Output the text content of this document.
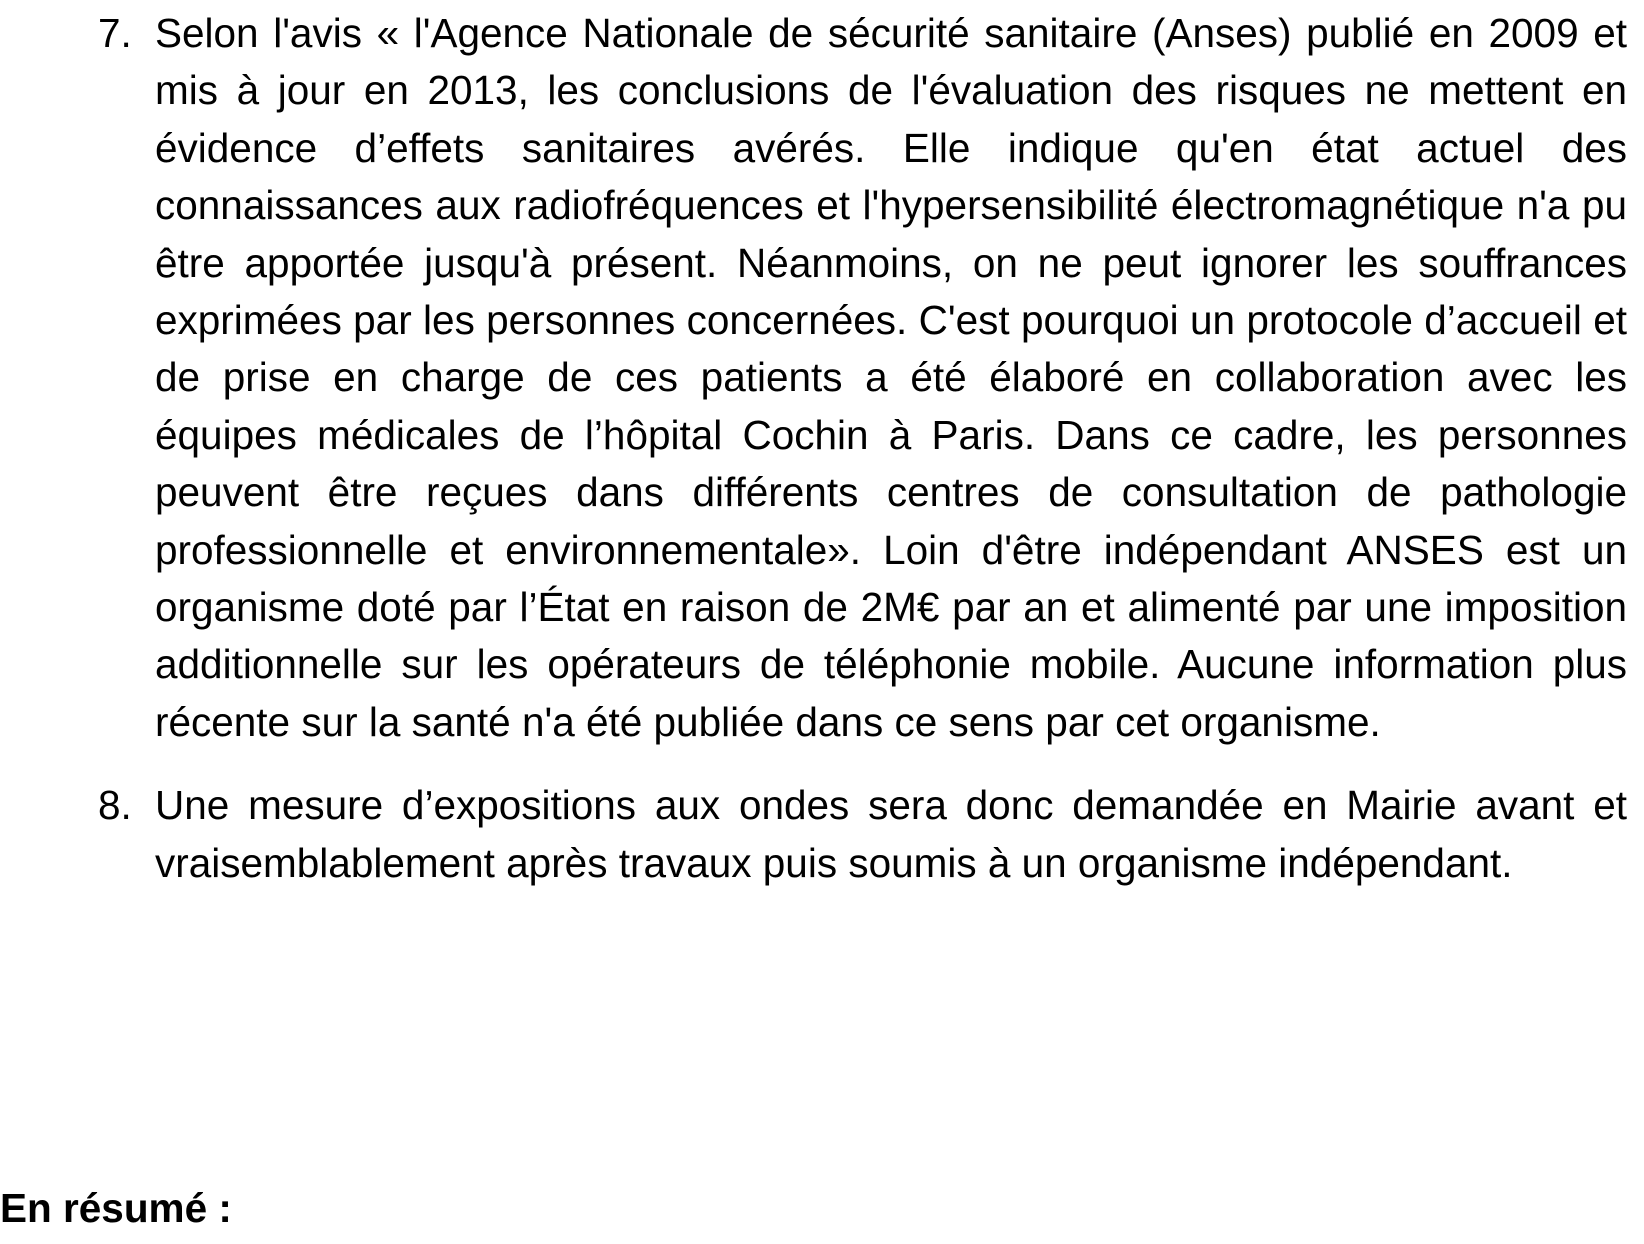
7. Selon l'avis « l'Agence Nationale de sécurité sanitaire (Anses) publié en 2009 et mis à jour en 2013, les conclusions de l'évaluation des risques ne mettent en évidence d’effets sanitaires avérés. Elle indique qu'en état actuel des connaissances aux radiofréquences et l'hypersensibilité électromagnétique n'a pu être apportée jusqu'à présent. Néanmoins, on ne peut ignorer les souffrances exprimées par les personnes concernées. C'est pourquoi un protocole d’accueil et de prise en charge de ces patients a été élaboré en collaboration avec les équipes médicales de l’hôpital Cochin à Paris. Dans ce cadre, les personnes peuvent être reçues dans différents centres de consultation de pathologie professionnelle et environnementale». Loin d'être indépendant ANSES est un organisme doté par l’État en raison de 2M€ par an et alimenté par une imposition additionnelle sur les opérateurs de téléphonie mobile. Aucune information plus récente sur la santé n'a été publiée dans ce sens par cet organisme.
8. Une mesure d’expositions aux ondes sera donc demandée en Mairie avant et vraisemblablement après travaux puis soumis à un organisme indépendant.
En résumé :
